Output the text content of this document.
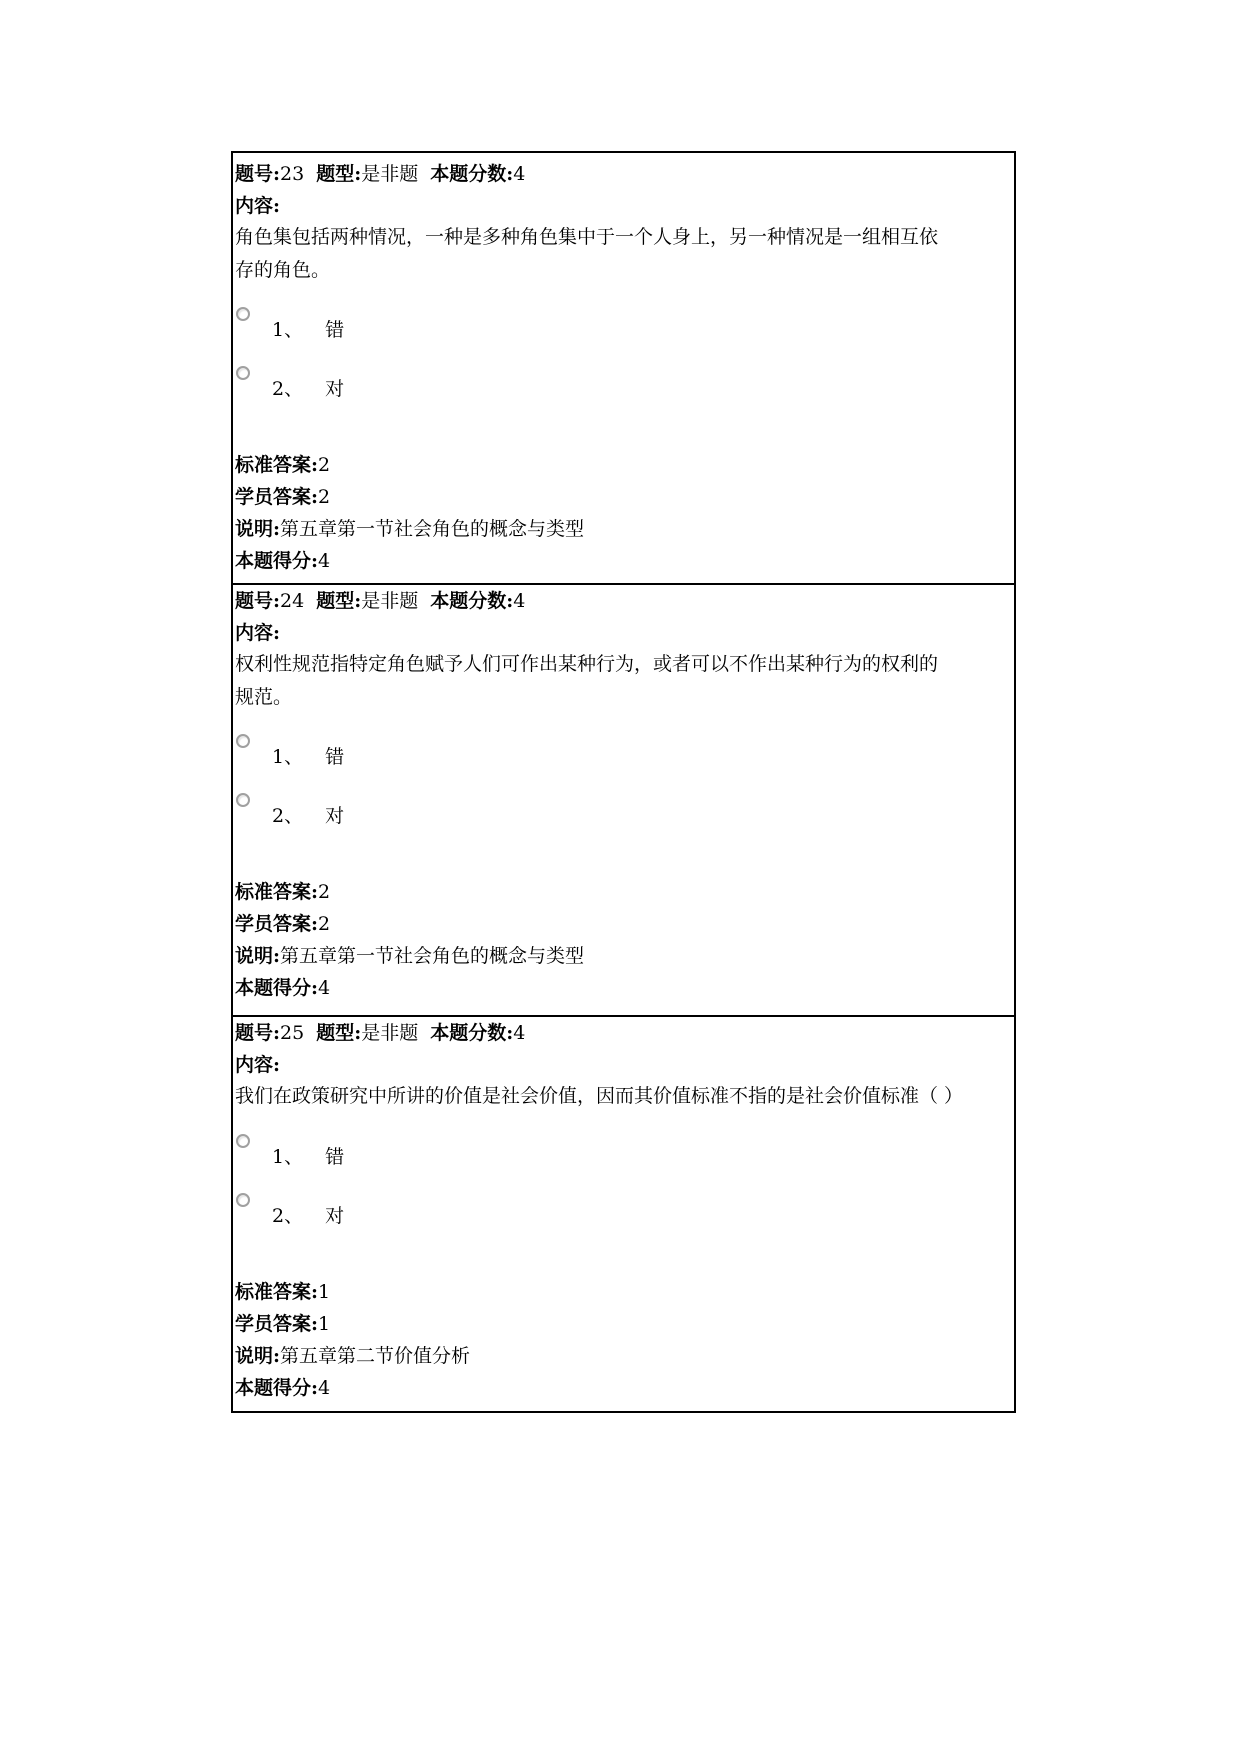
题号:23 题型:是非题 本题分数:4
内容:
角色集包括两种情况，一种是多种角色集中于一个人身上，另一种情况是一组相互依
存的角色。
1、 错
2、 对
标准答案:2
学员答案:2
说明:第五章第一节社会角色的概念与类型
本题得分:4
题号:24 题型:是非题 本题分数:4
内容:
权利性规范指特定角色赋予人们可作出某种行为，或者可以不作出某种行为的权利的
规范。
1、 错
2、 对
标准答案:2
学员答案:2
说明:第五章第一节社会角色的概念与类型
本题得分:4
题号:25 题型:是非题 本题分数:4
内容:
我们在政策研究中所讲的价值是社会价值，因而其价值标准不指的是社会价值标准（ ）
1、 错
2、 对
标准答案:1
学员答案:1
说明:第五章第二节价值分析
本题得分:4
